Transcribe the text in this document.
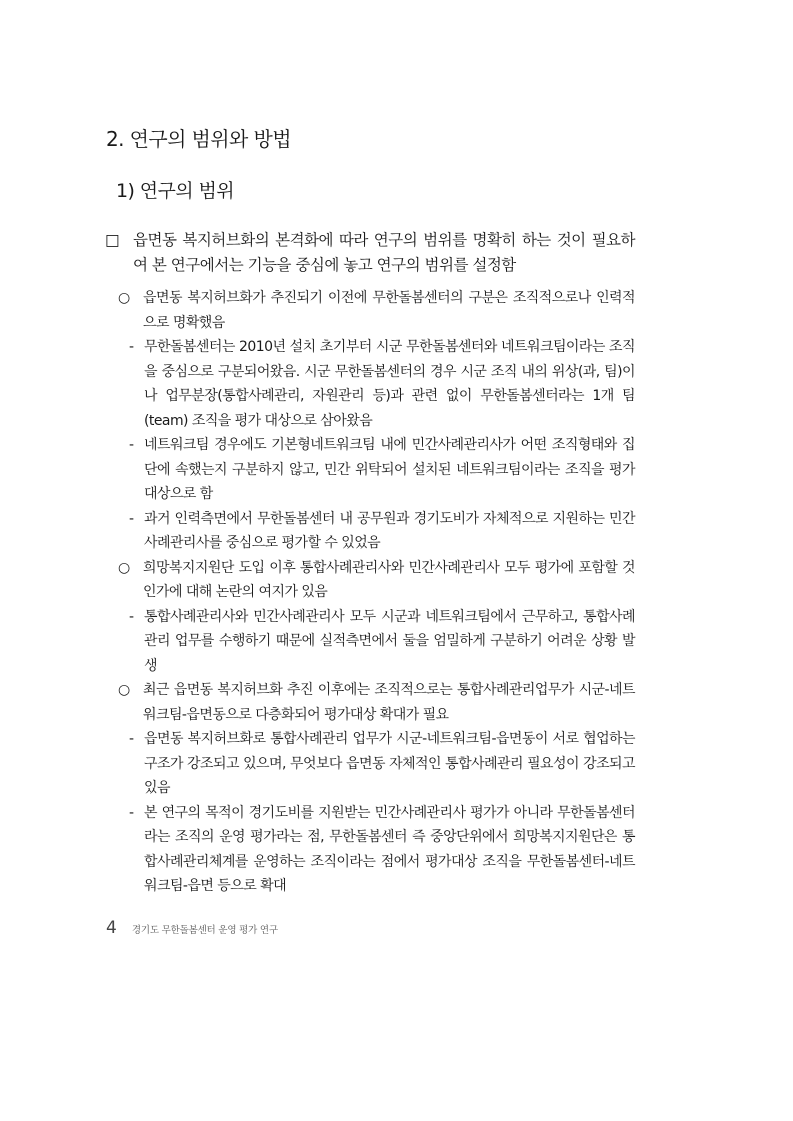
2. 연구의 범위와 방법
1) 연구의 범위
□ 읍면동 복지허브화의 본격화에 따라 연구의 범위를 명확히 하는 것이 필요하여 본 연구에서는 기능을 중심에 놓고 연구의 범위를 설정함
○ 읍면동 복지허브화가 추진되기 이전에 무한돌봄센터의 구분은 조직적으로나 인력적으로 명확했음
- 무한돌봄센터는 2010년 설치 초기부터 시군 무한돌봄센터와 네트워크팀이라는 조직을 중심으로 구분되어왔음. 시군 무한돌봄센터의 경우 시군 조직 내의 위상(과, 팀)이나 업무분장(통합사례관리, 자원관리 등)과 관련 없이 무한돌봄센터라는 1개 팀(team) 조직을 평가 대상으로 삼아왔음
- 네트워크팀 경우에도 기본형네트워크팀 내에 민간사례관리사가 어떤 조직형태와 집단에 속했는지 구분하지 않고, 민간 위탁되어 설치된 네트워크팀이라는 조직을 평가대상으로 함
- 과거 인력측면에서 무한돌봄센터 내 공무원과 경기도비가 자체적으로 지원하는 민간사례관리사를 중심으로 평가할 수 있었음
○ 희망복지지원단 도입 이후 통합사례관리사와 민간사례관리사 모두 평가에 포함할 것인가에 대해 논란의 여지가 있음
- 통합사례관리사와 민간사례관리사 모두 시군과 네트워크팀에서 근무하고, 통합사례관리 업무를 수행하기 때문에 실적측면에서 둘을 엄밀하게 구분하기 어려운 상황 발생
○ 최근 읍면동 복지허브화 추진 이후에는 조직적으로는 통합사례관리업무가 시군-네트워크팀-읍면동으로 다층화되어 평가대상 확대가 필요
- 읍면동 복지허브화로 통합사례관리 업무가 시군-네트워크팀-읍면동이 서로 협업하는 구조가 강조되고 있으며, 무엇보다 읍면동 자체적인 통합사례관리 필요성이 강조되고 있음
- 본 연구의 목적이 경기도비를 지원받는 민간사례관리사 평가가 아니라 무한돌봄센터라는 조직의 운영 평가라는 점, 무한돌봄센터 즉 중앙단위에서 희망복지지원단은 통합사례관리체계를 운영하는 조직이라는 점에서 평가대상 조직을 무한돌봄센터-네트워크팀-읍면 등으로 확대
4 경기도 무한돌봄센터 운영 평가 연구
